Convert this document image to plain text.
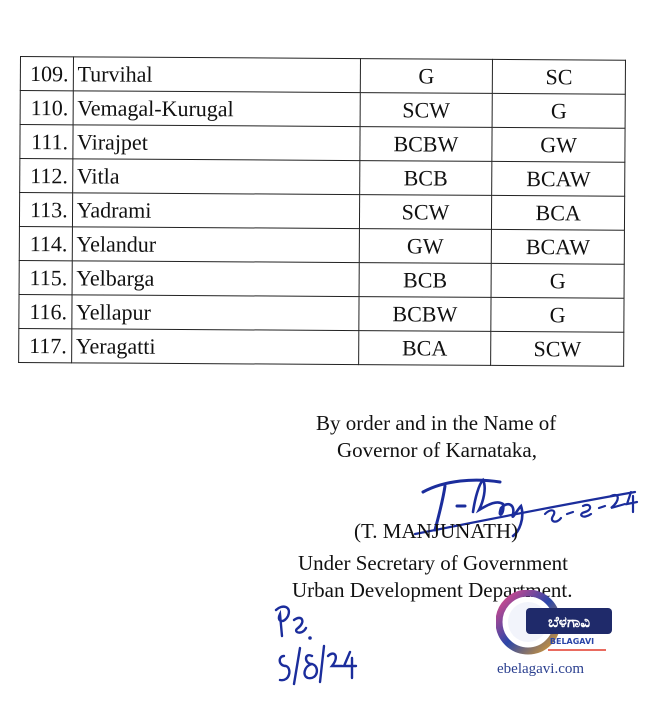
109.	Turvihal	G	SC
110.	Vemagal-Kurugal	SCW	G
111.	Virajpet	BCBW	GW
112.	Vitla	BCB	BCAW
113.	Yadrami	SCW	BCA
114.	Yelandur	GW	BCAW
115.	Yelbarga	BCB	G
116.	Yellapur	BCBW	G
117.	Yeragatti	BCA	SCW
By order and in the Name of
Governor of Karnataka,
(T. MANJUNATH)
Under Secretary of Government
Urban Development Department.
ಬೆಳಗಾವಿ
BELAGAVI
ebelagavi.com
